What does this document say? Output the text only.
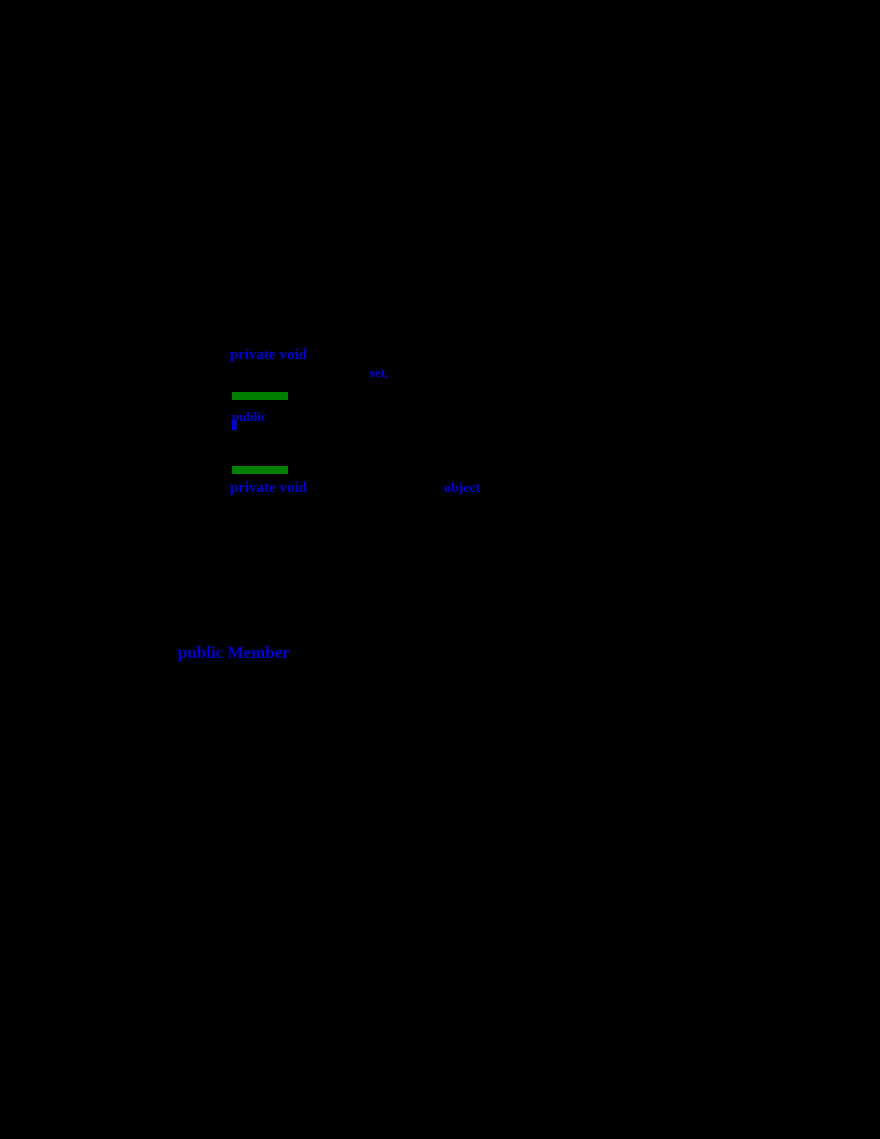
private void
set,
public
private void	object
public Member
